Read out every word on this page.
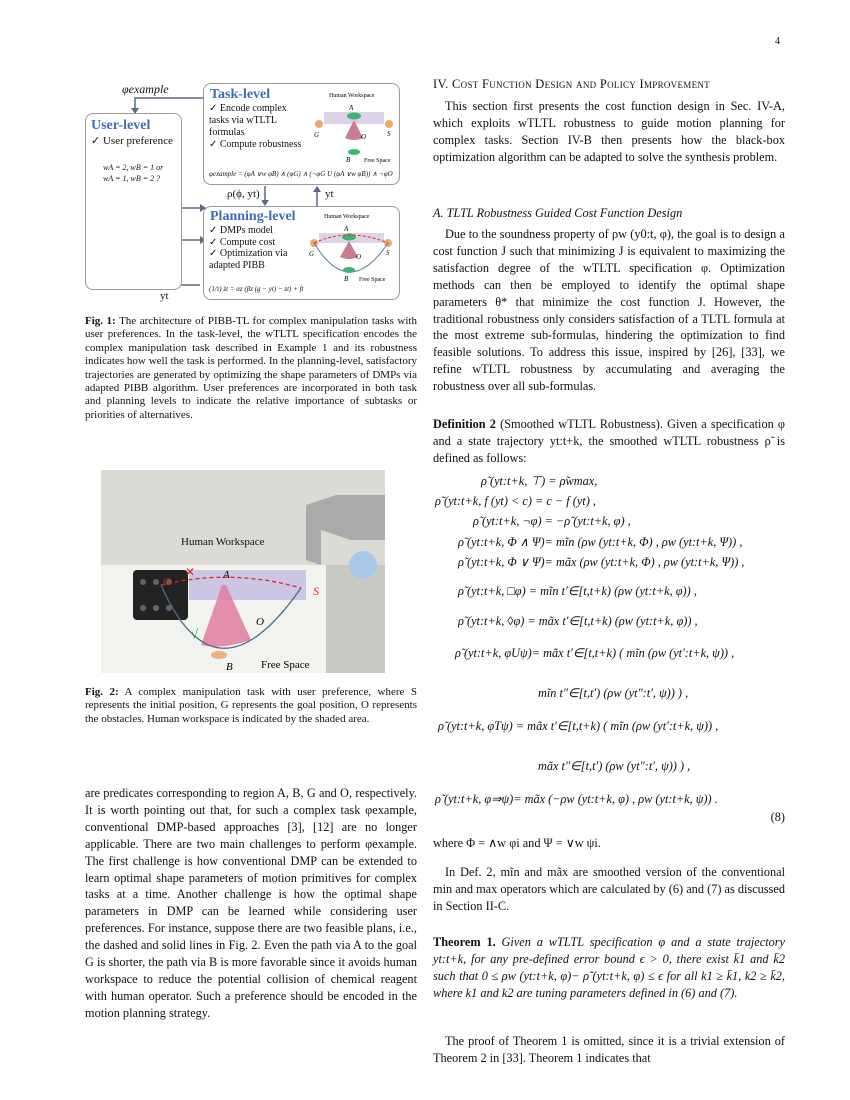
4
φexample
User-level
✓ User preference
wA = 2, wB = 1 or
wA = 1, wB = 2 ?
Task-level
✓ Encode complex tasks via wTLTL formulas
✓ Compute robustness
φexample = (φA ∨w φB) ∧ (φG) ∧ (¬φG U (φA ∨w φB)) ∧ ¬φO
Human Workspace
A
G	S
O
B Free Space
ρ(ϕ, yt)	yt
Planning-level
✓ DMPs model
✓ Compute cost
✓ Optimization via adapted PIBB
(1/τ) żt = αz (βz (g − yt) − zt) + ft
Human Workspace
A
G	S
O
B Free Space
yt
Fig. 1: The architecture of PIBB-TL for complex manipulation tasks with user preferences. In the task-level, the wTLTL specification encodes the complex manipulation task described in Example 1 and its robustness indicates how well the task is performed. In the planning-level, satisfactory trajectories are generated by optimizing the shape parameters of DMPs via adapted PIBB algorithm. User preferences are incorporated in both task and planning levels to indicate the relative importance of subtasks or priorities of alternatives.
Human Workspace
A
S
G
O
B	Free Space
✕
√
Fig. 2: A complex manipulation task with user preference, where S represents the initial position, G represents the goal position, O represents the obstacles. Human workspace is indicated by the shaded area.
are predicates corresponding to region A, B, G and O, respectively. It is worth pointing out that, for such a complex task φexample, conventional DMP-based approaches [3], [12] are no longer applicable. There are two main challenges to perform φexample. The first challenge is how conventional DMP can be extended to learn optimal shape parameters of motion primitives for complex tasks at a time. Another challenge is how the optimal shape parameters in DMP can be learned while considering user preferences. For instance, suppose there are two feasible plans, i.e., the dashed and solid lines in Fig. 2. Even the path via A to the goal G is shorter, the path via B is more favorable since it avoids human workspace to reduce the potential collision of chemical reagent with human operator. Such a preference should be encoded in the motion planning strategy.
IV. Cost Function Design and Policy Improvement
This section first presents the cost function design in Sec. IV-A, which exploits wTLTL robustness to guide motion planning for complex tasks. Section IV-B then presents how the black-box optimization algorithm can be adapted to solve the synthesis problem.
A. TLTL Robustness Guided Cost Function Design
Due to the soundness property of ρw (y0:t, φ), the goal is to design a cost function J such that minimizing J is equivalent to maximizing the satisfaction degree of the wTLTL specification φ. Optimization methods can then be employed to identify the optimal shape parameters θ* that minimize the cost function J. However, the traditional robustness only considers satisfaction of a TLTL formula at the most extreme sub-formulas, hindering the optimization to find feasible solutions. To address this issue, inspired by [26], [33], we refine wTLTL robustness by accumulating and averaging the robustness over all sub-formulas.
Definition 2 (Smoothed wTLTL Robustness). Given a specification φ and a state trajectory yt:t+k, the smoothed wTLTL robustness ρ̃ is defined as follows:
ρ̃ (yt:t+k, ⊤) = ρ̃wmax,
ρ̃ (yt:t+k, f (yt) < c) = c − f (yt) ,
ρ̃ (yt:t+k, ¬φ) = −ρ̃ (yt:t+k, φ) ,
ρ̃ (yt:t+k, Φ ∧ Ψ)= mĩn (ρw (yt:t+k, Φ) , ρw (yt:t+k, Ψ)) ,
ρ̃ (yt:t+k, Φ ∨ Ψ)= mãx (ρw (yt:t+k, Φ) , ρw (yt:t+k, Ψ)) ,
ρ̃ (yt:t+k, □φ) = mĩn t′∈[t,t+k) (ρw (yt:t+k, φ)) ,
ρ̃ (yt:t+k, ◊φ) = mãx t′∈[t,t+k) (ρw (yt:t+k, φ)) ,
ρ̃ (yt:t+k, φUψ)= mãx t′∈[t,t+k) ( mĩn (ρw (yt′:t+k, ψ)) ,
mĩn t″∈[t,t′) (ρw (yt″:t′, ψ)) ) ,
ρ̃ (yt:t+k, φTψ) = mãx t′∈[t,t+k) ( mĩn (ρw (yt′:t+k, ψ)) ,
mãx t″∈[t,t′) (ρw (yt″:t′, ψ)) ) ,
ρ̃ (yt:t+k, φ⇒ψ)= mãx (−ρw (yt:t+k, φ) , ρw (yt:t+k, ψ)) .
(8)
where Φ = ∧w φi and Ψ = ∨w ψi.
In Def. 2, mĩn and mãx are smoothed version of the conventional min and max operators which are calculated by (6) and (7) as discussed in Section II-C.
Theorem 1. Given a wTLTL specification φ and a state trajectory yt:t+k, for any pre-defined error bound ϵ > 0, there exist k̄1 and k̄2 such that 0 ≤ ρw (yt:t+k, φ)− ρ̃ (yt:t+k, φ) ≤ ϵ for all k1 ≥ k̄1, k2 ≥ k̄2, where k1 and k2 are tuning parameters defined in (6) and (7).
The proof of Theorem 1 is omitted, since it is a trivial extension of Theorem 2 in [33]. Theorem 1 indicates that
